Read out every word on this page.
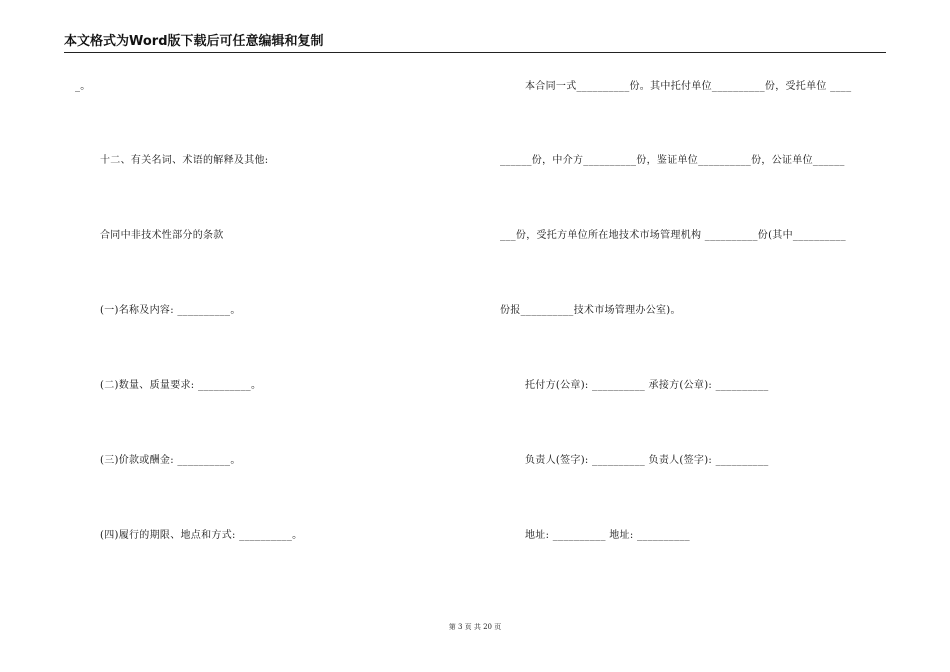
本文格式为Word版下载后可任意编辑和复制
_。
十二、有关名词、术语的解释及其他:
合同中非技术性部分的条款
(一)名称及内容: __________。
(二)数量、质量要求: __________。
(三)价款或酬金: __________。
(四)履行的期限、地点和方式: __________。
本合同一式__________份。其中托付单位__________份，受托单位 ____
______份，中介方__________份，鉴证单位__________份，公证单位______
___份，受托方单位所在地技术市场管理机构 __________份(其中__________
份报__________技术市场管理办公室)。
托付方(公章): __________ 承接方(公章): __________
负责人(签字): __________ 负责人(签字): __________
地址: __________ 地址: __________
第 3 页 共 20 页
